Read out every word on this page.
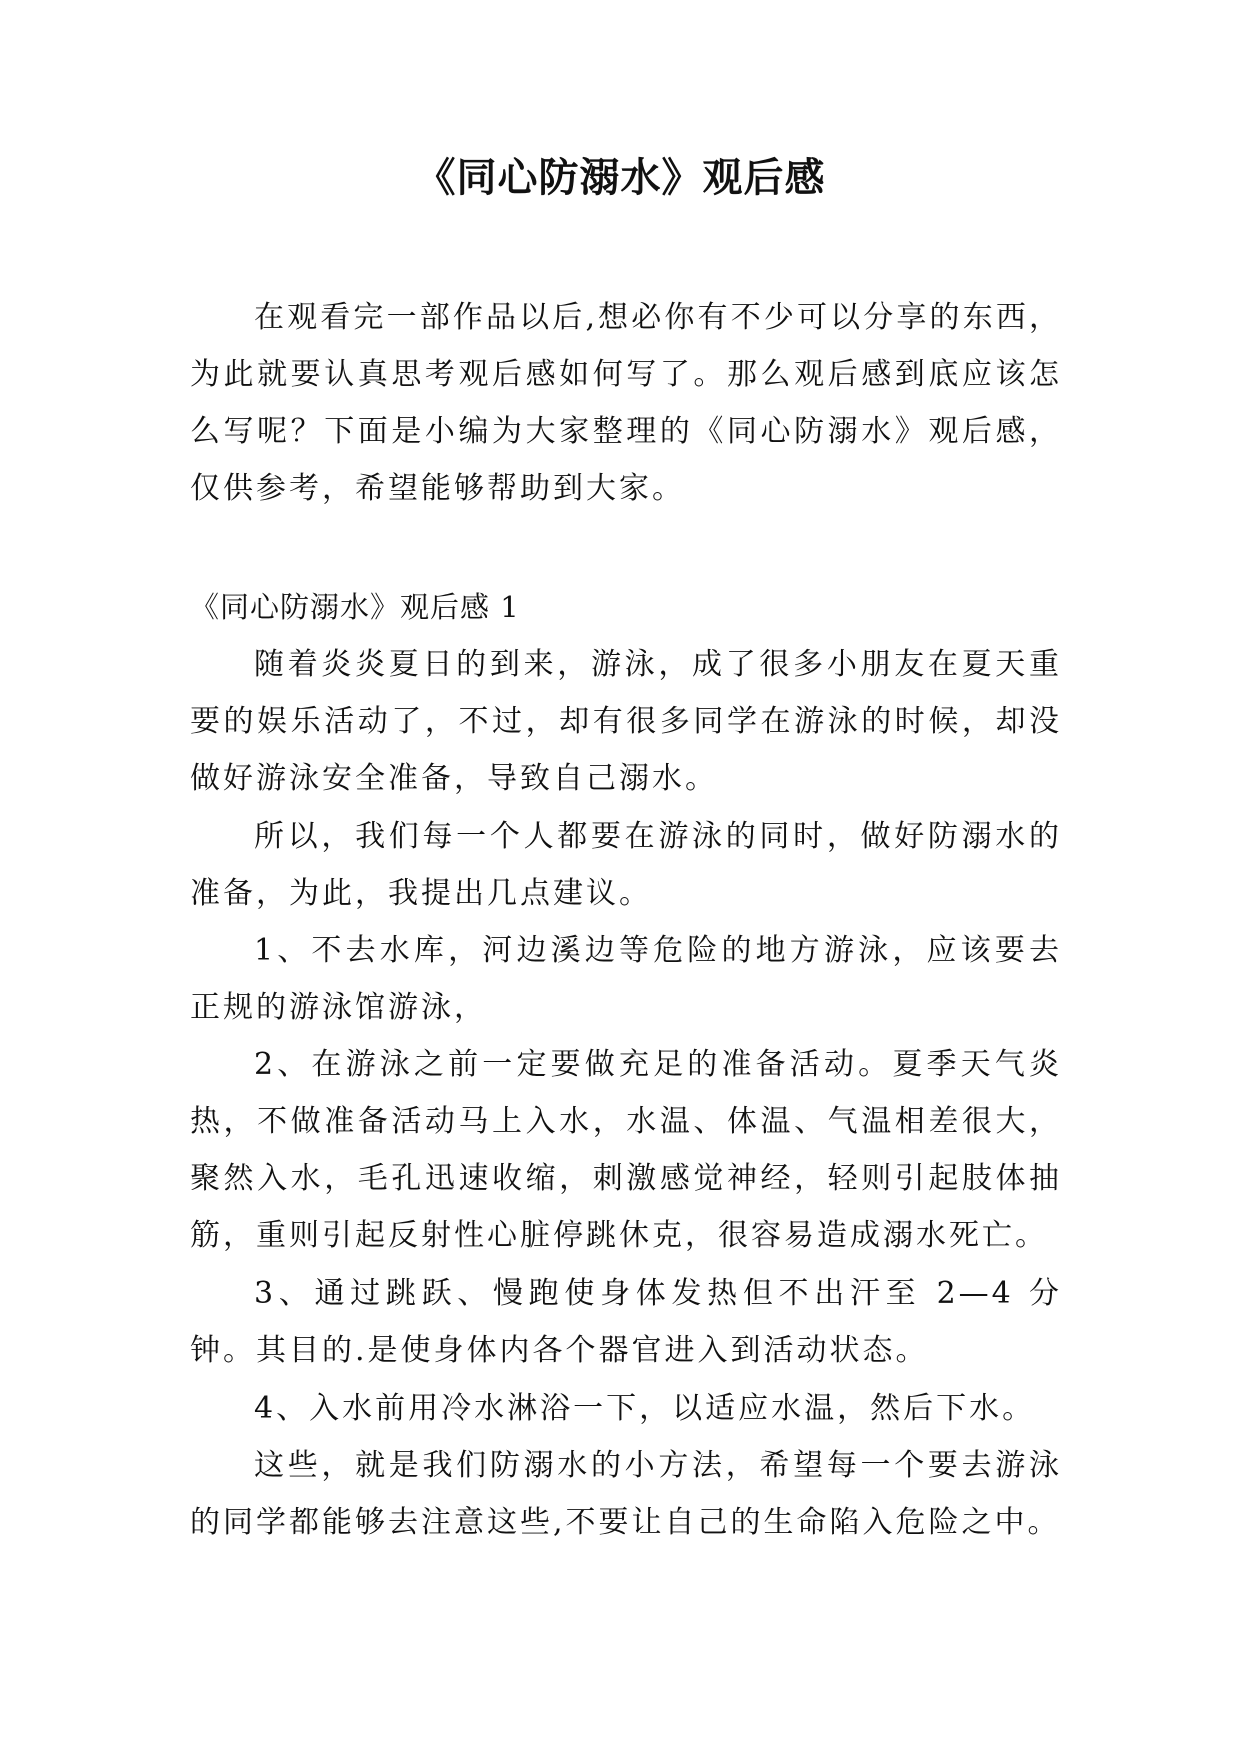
《同心防溺水》观后感

在观看完一部作品以后,想必你有不少可以分享的东西，为此就要认真思考观后感如何写了。那么观后感到底应该怎么写呢？下面是小编为大家整理的《同心防溺水》观后感，仅供参考，希望能够帮助到大家。

《同心防溺水》观后感 1

随着炎炎夏日的到来，游泳，成了很多小朋友在夏天重要的娱乐活动了，不过，却有很多同学在游泳的时候，却没做好游泳安全准备，导致自己溺水。

所以，我们每一个人都要在游泳的同时，做好防溺水的准备，为此，我提出几点建议。

1、不去水库，河边溪边等危险的地方游泳，应该要去正规的游泳馆游泳，

2、在游泳之前一定要做充足的准备活动。夏季天气炎热，不做准备活动马上入水，水温、体温、气温相差很大，聚然入水，毛孔迅速收缩，刺激感觉神经，轻则引起肢体抽筋，重则引起反射性心脏停跳休克，很容易造成溺水死亡。

3、通过跳跃、慢跑使身体发热但不出汗至 2—4 分钟。其目的.是使身体内各个器官进入到活动状态。

4、入水前用冷水淋浴一下，以适应水温，然后下水。

这些，就是我们防溺水的小方法，希望每一个要去游泳的同学都能够去注意这些,不要让自己的生命陷入危险之中。
